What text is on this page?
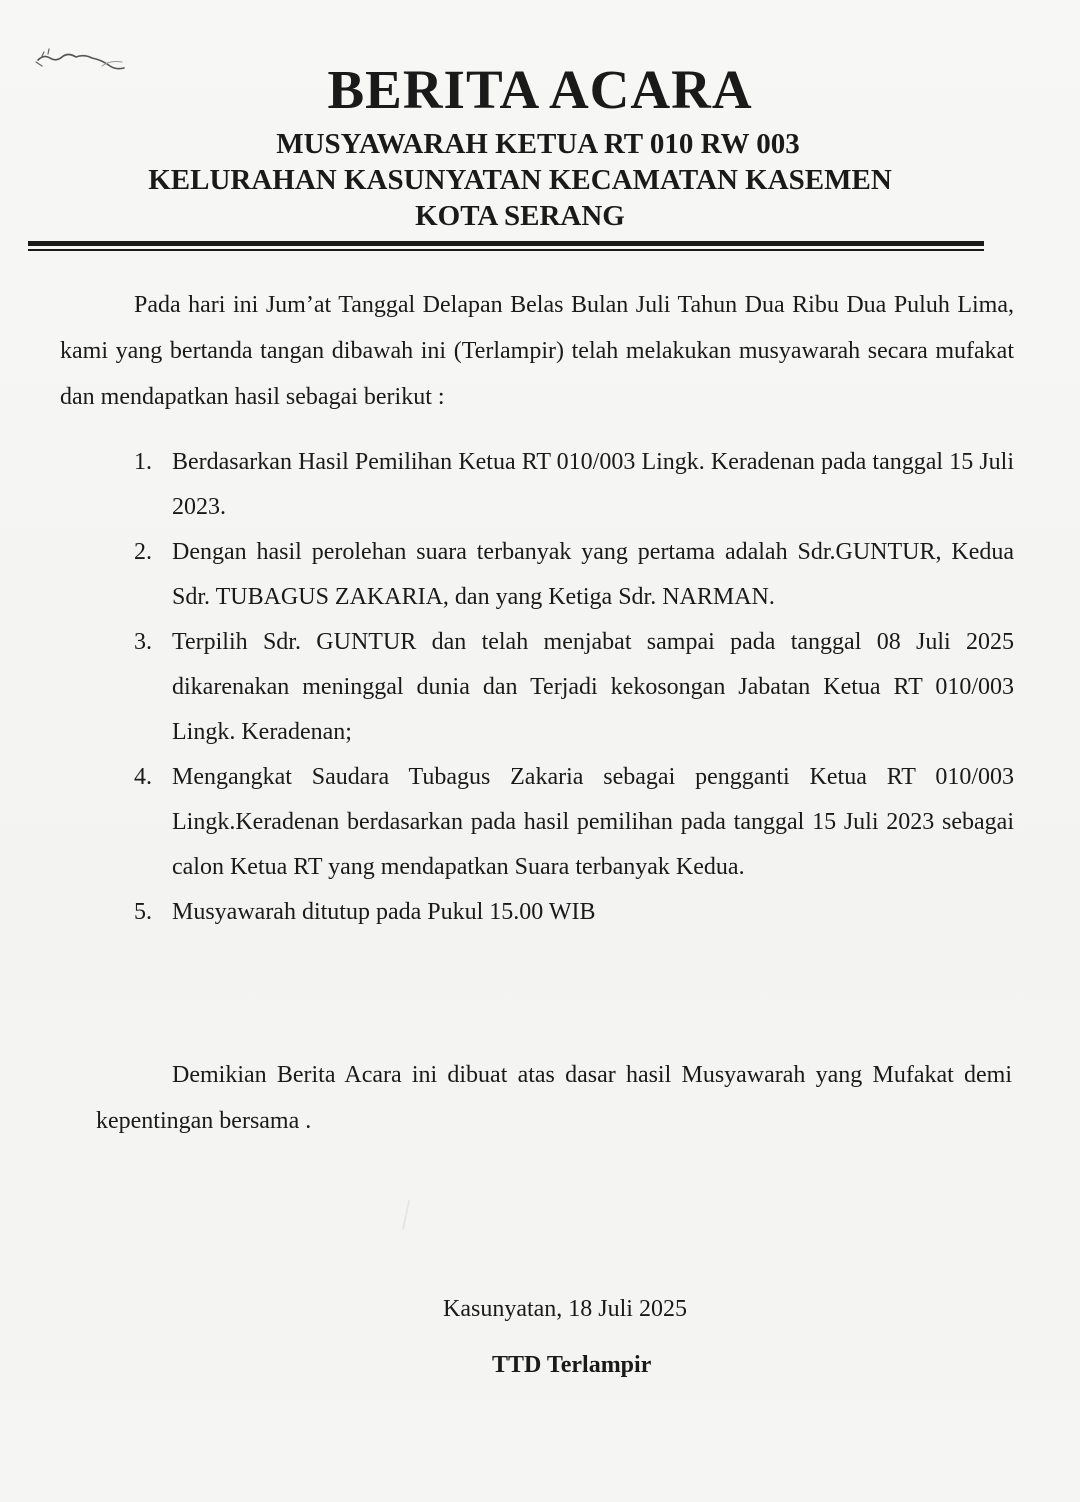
BERITA ACARA
MUSYAWARAH KETUA RT 010 RW 003
KELURAHAN KASUNYATAN KECAMATAN KASEMEN
KOTA SERANG
Pada hari ini Jum’at Tanggal Delapan Belas Bulan Juli Tahun Dua Ribu Dua Puluh Lima, kami yang bertanda tangan dibawah ini (Terlampir) telah melakukan musyawarah secara mufakat dan mendapatkan hasil sebagai berikut :
1. Berdasarkan Hasil Pemilihan Ketua RT 010/003 Lingk. Keradenan pada tanggal 15 Juli 2023.
2. Dengan hasil perolehan suara terbanyak yang pertama adalah Sdr.GUNTUR, Kedua Sdr. TUBAGUS ZAKARIA, dan yang Ketiga Sdr. NARMAN.
3. Terpilih Sdr. GUNTUR dan telah menjabat sampai pada tanggal 08 Juli 2025 dikarenakan meninggal dunia dan Terjadi kekosongan Jabatan Ketua RT 010/003 Lingk. Keradenan;
4. Mengangkat Saudara Tubagus Zakaria sebagai pengganti Ketua RT 010/003 Lingk.Keradenan berdasarkan pada hasil pemilihan pada tanggal 15 Juli 2023 sebagai calon Ketua RT yang mendapatkan Suara terbanyak Kedua.
5. Musyawarah ditutup pada Pukul 15.00 WIB
Demikian Berita Acara ini dibuat atas dasar hasil Musyawarah yang Mufakat demi kepentingan bersama .
Kasunyatan, 18 Juli 2025
TTD Terlampir
